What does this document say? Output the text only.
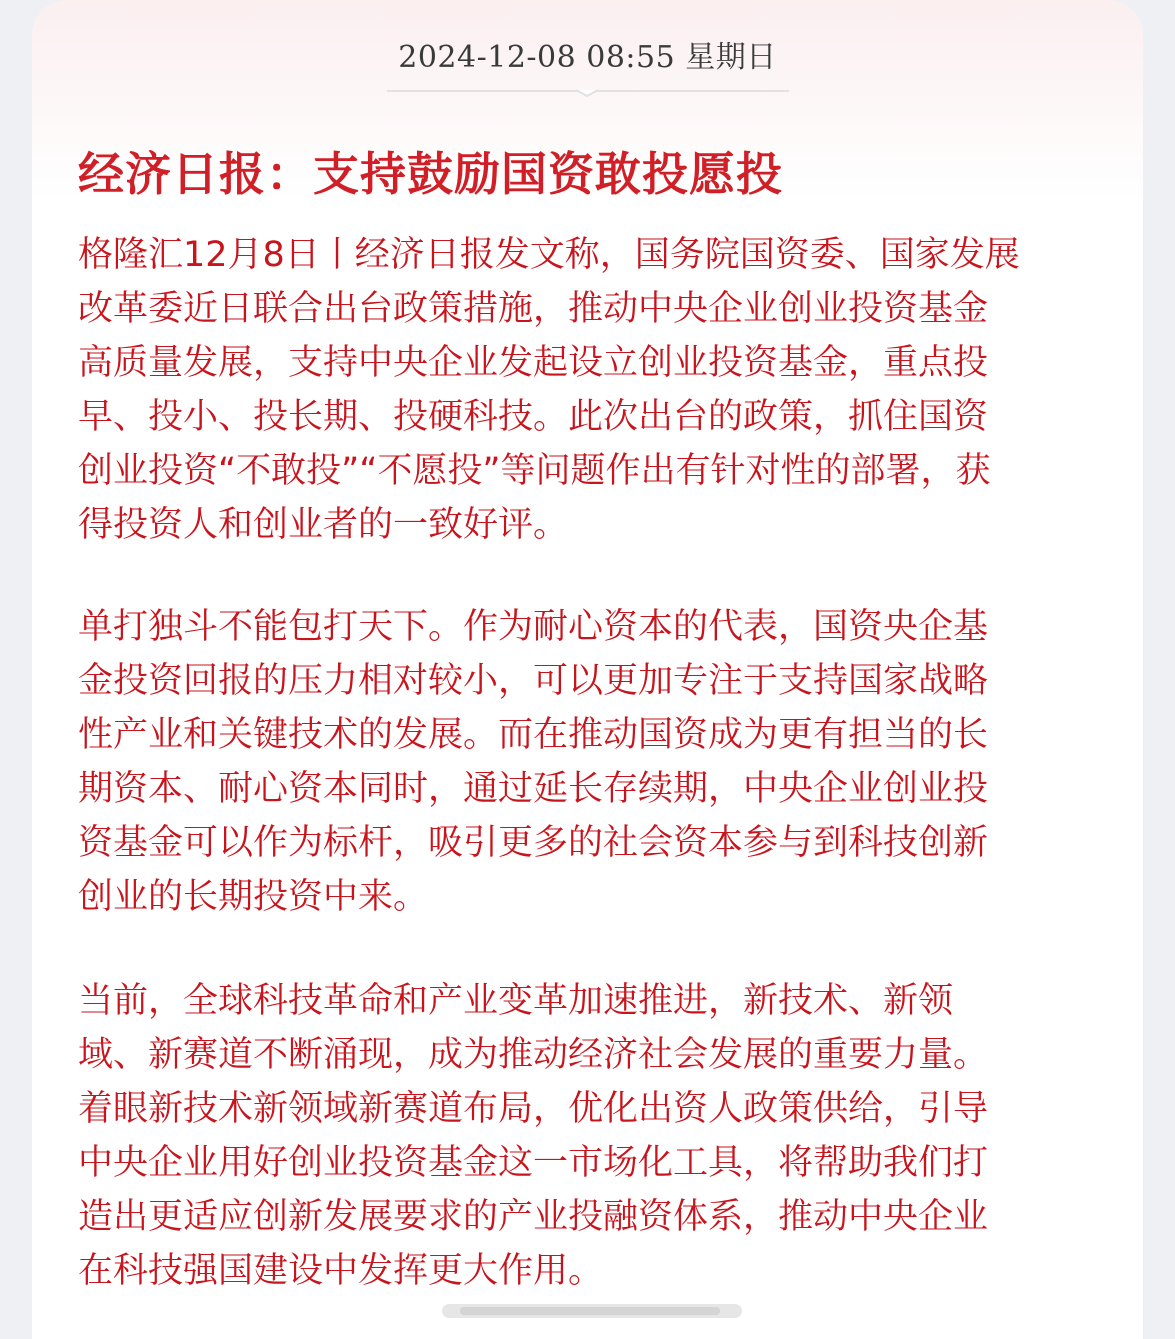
2024-12-08 08:55 星期日
经济日报：支持鼓励国资敢投愿投
格隆汇12月8日丨经济日报发文称，国务院国资委、国家发展
改革委近日联合出台政策措施，推动中央企业创业投资基金
高质量发展，支持中央企业发起设立创业投资基金，重点投
早、投小、投长期、投硬科技。此次出台的政策，抓住国资
创业投资“不敢投”“不愿投”等问题作出有针对性的部署，获
得投资人和创业者的一致好评。
单打独斗不能包打天下。作为耐心资本的代表，国资央企基
金投资回报的压力相对较小，可以更加专注于支持国家战略
性产业和关键技术的发展。而在推动国资成为更有担当的长
期资本、耐心资本同时，通过延长存续期，中央企业创业投
资基金可以作为标杆，吸引更多的社会资本参与到科技创新
创业的长期投资中来。
当前，全球科技革命和产业变革加速推进，新技术、新领
域、新赛道不断涌现，成为推动经济社会发展的重要力量。
着眼新技术新领域新赛道布局，优化出资人政策供给，引导
中央企业用好创业投资基金这一市场化工具，将帮助我们打
造出更适应创新发展要求的产业投融资体系，推动中央企业
在科技强国建设中发挥更大作用。
